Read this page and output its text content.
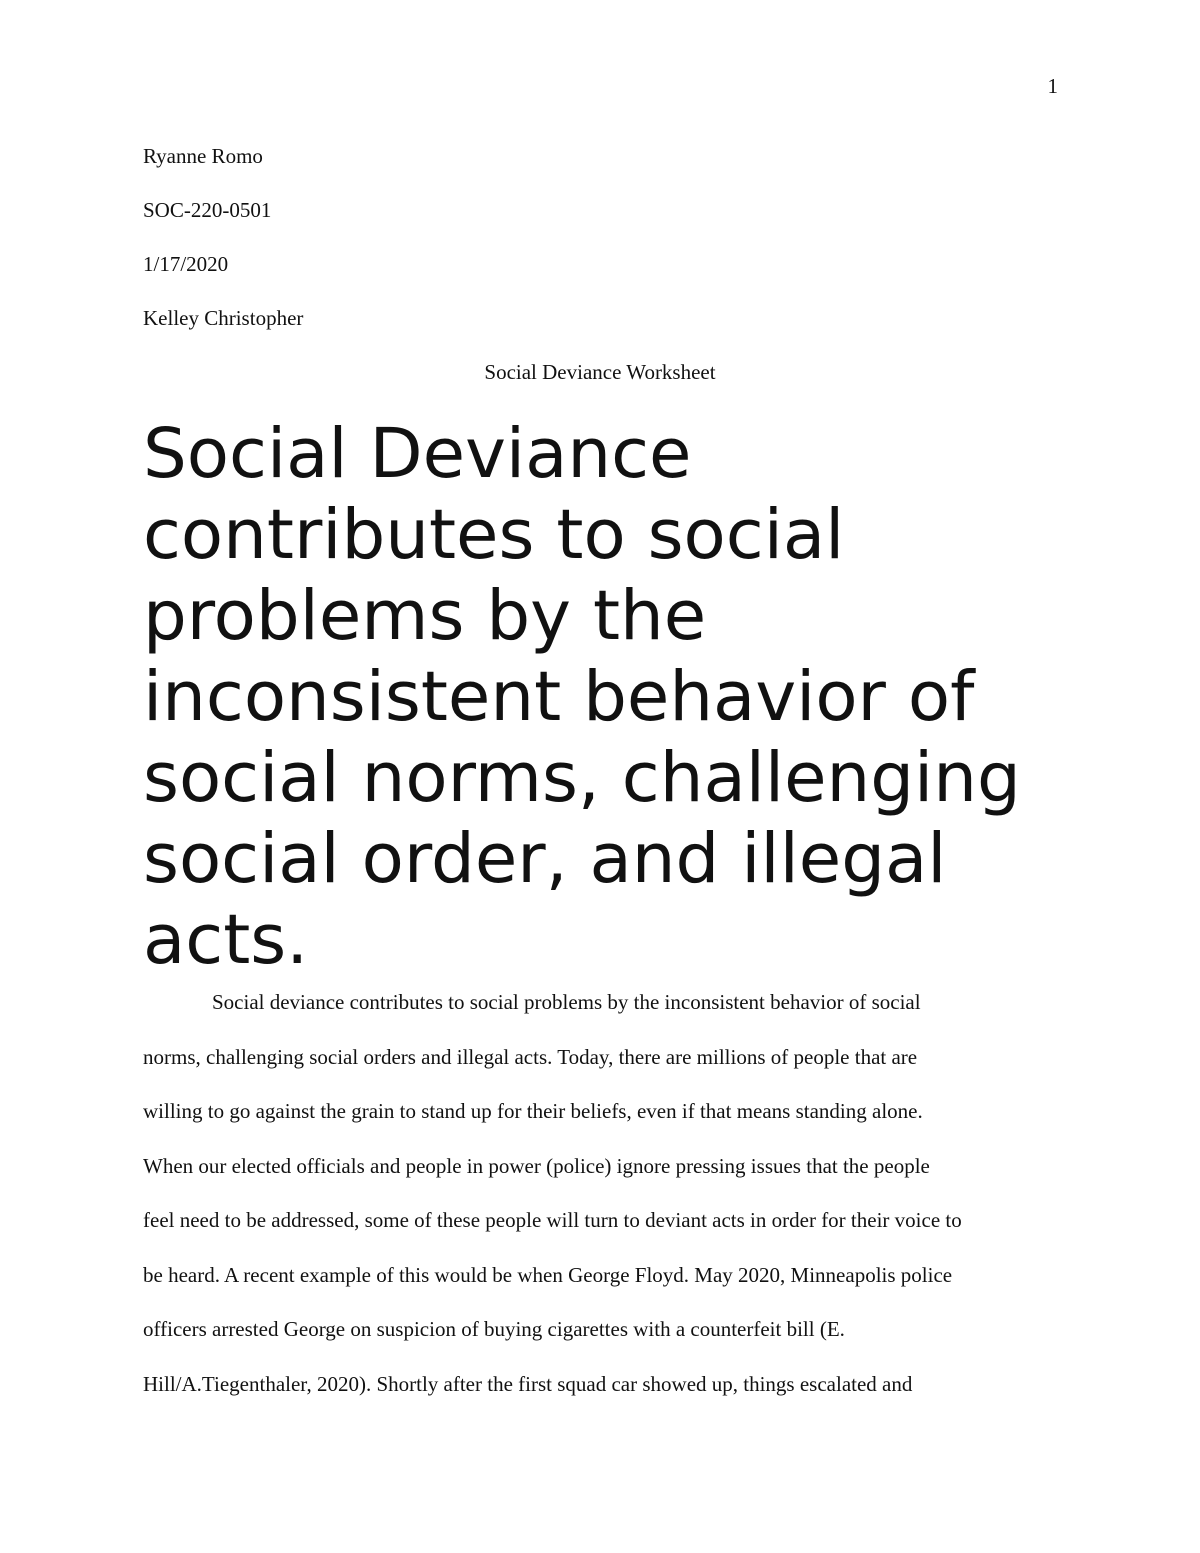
1
Ryanne Romo
SOC-220-0501
1/17/2020
Kelley Christopher
Social Deviance Worksheet
Social Deviance contributes to social problems by the inconsistent behavior of social norms, challenging social order, and illegal acts.
Social deviance contributes to social problems by the inconsistent behavior of social
norms, challenging social orders and illegal acts. Today, there are millions of people that are
willing to go against the grain to stand up for their beliefs, even if that means standing alone.
When our elected officials and people in power (police) ignore pressing issues that the people
feel need to be addressed, some of these people will turn to deviant acts in order for their voice to
be heard. A recent example of this would be when George Floyd. May 2020, Minneapolis police
officers arrested George on suspicion of buying cigarettes with a counterfeit bill (E.
Hill/A.Tiegenthaler, 2020). Shortly after the first squad car showed up, things escalated and
